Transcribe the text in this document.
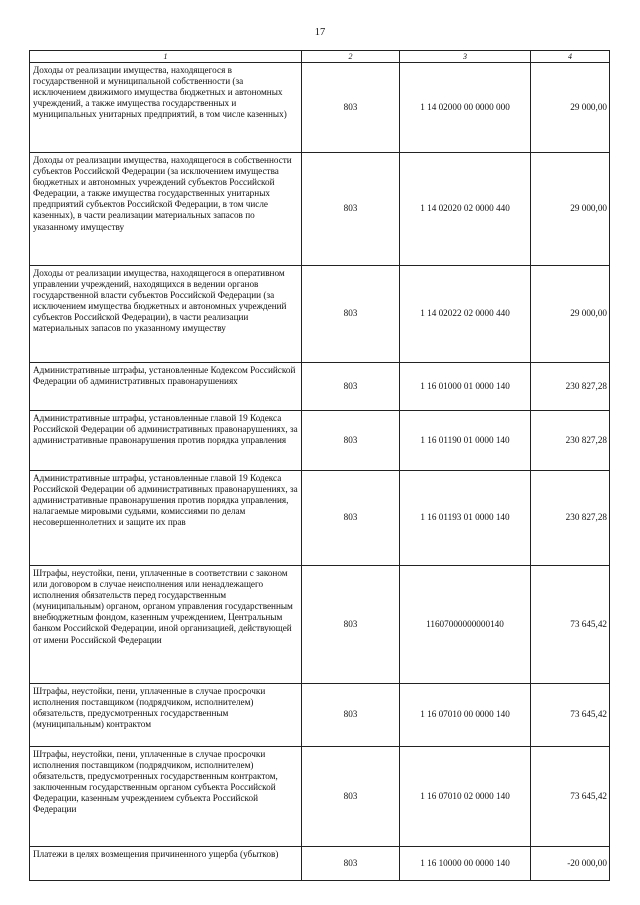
17
1	2	3	4
Доходы от реализации имущества, находящегося в государственной и муниципальной собственности (за исключением движимого имущества бюджетных и автономных учреждений, а также имущества государственных и муниципальных унитарных предприятий, в том числе казенных)	803	1 14 02000 00 0000 000	29 000,00
Доходы от реализации имущества, находящегося в собственности субъектов Российской Федерации (за исключением имущества бюджетных и автономных учреждений субъектов Российской Федерации, а также имущества государственных унитарных предприятий субъектов Российской Федерации, в том числе казенных), в части реализации материальных запасов по указанному имуществу	803	1 14 02020 02 0000 440	29 000,00
Доходы от реализации имущества, находящегося в оперативном управлении учреждений, находящихся в ведении органов государственной власти субъектов Российской Федерации (за исключением имущества бюджетных и автономных учреждений субъектов Российской Федерации), в части реализации материальных запасов по указанному имуществу	803	1 14 02022 02 0000 440	29 000,00
Административные штрафы, установленные Кодексом Российской Федерации об административных правонарушениях	803	1 16 01000 01 0000 140	230 827,28
Административные штрафы, установленные главой 19 Кодекса Российской Федерации об административных правонарушениях, за административные правонарушения против порядка управления	803	1 16 01190 01 0000 140	230 827,28
Административные штрафы, установленные главой 19 Кодекса Российской Федерации об административных правонарушениях, за административные правонарушения против порядка управления, налагаемые мировыми судьями, комиссиями по делам несовершеннолетних и защите их прав	803	1 16 01193 01 0000 140	230 827,28
Штрафы, неустойки, пени, уплаченные в соответствии с законом или договором в случае неисполнения или ненадлежащего исполнения обязательств перед государственным (муниципальным) органом, органом управления государственным внебюджетным фондом, казенным учреждением, Центральным банком Российской Федерации, иной организацией, действующей от имени Российской Федерации	803	11607000000000140	73 645,42
Штрафы, неустойки, пени, уплаченные в случае просрочки исполнения поставщиком (подрядчиком, исполнителем) обязательств, предусмотренных государственным (муниципальным) контрактом	803	1 16 07010 00 0000 140	73 645,42
Штрафы, неустойки, пени, уплаченные в случае просрочки исполнения поставщиком (подрядчиком, исполнителем) обязательств, предусмотренных государственным контрактом, заключенным государственным органом субъекта Российской Федерации, казенным учреждением субъекта Российской Федерации	803	1 16 07010 02 0000 140	73 645,42
Платежи в целях возмещения причиненного ущерба (убытков)	803	1 16 10000 00 0000 140	-20 000,00
